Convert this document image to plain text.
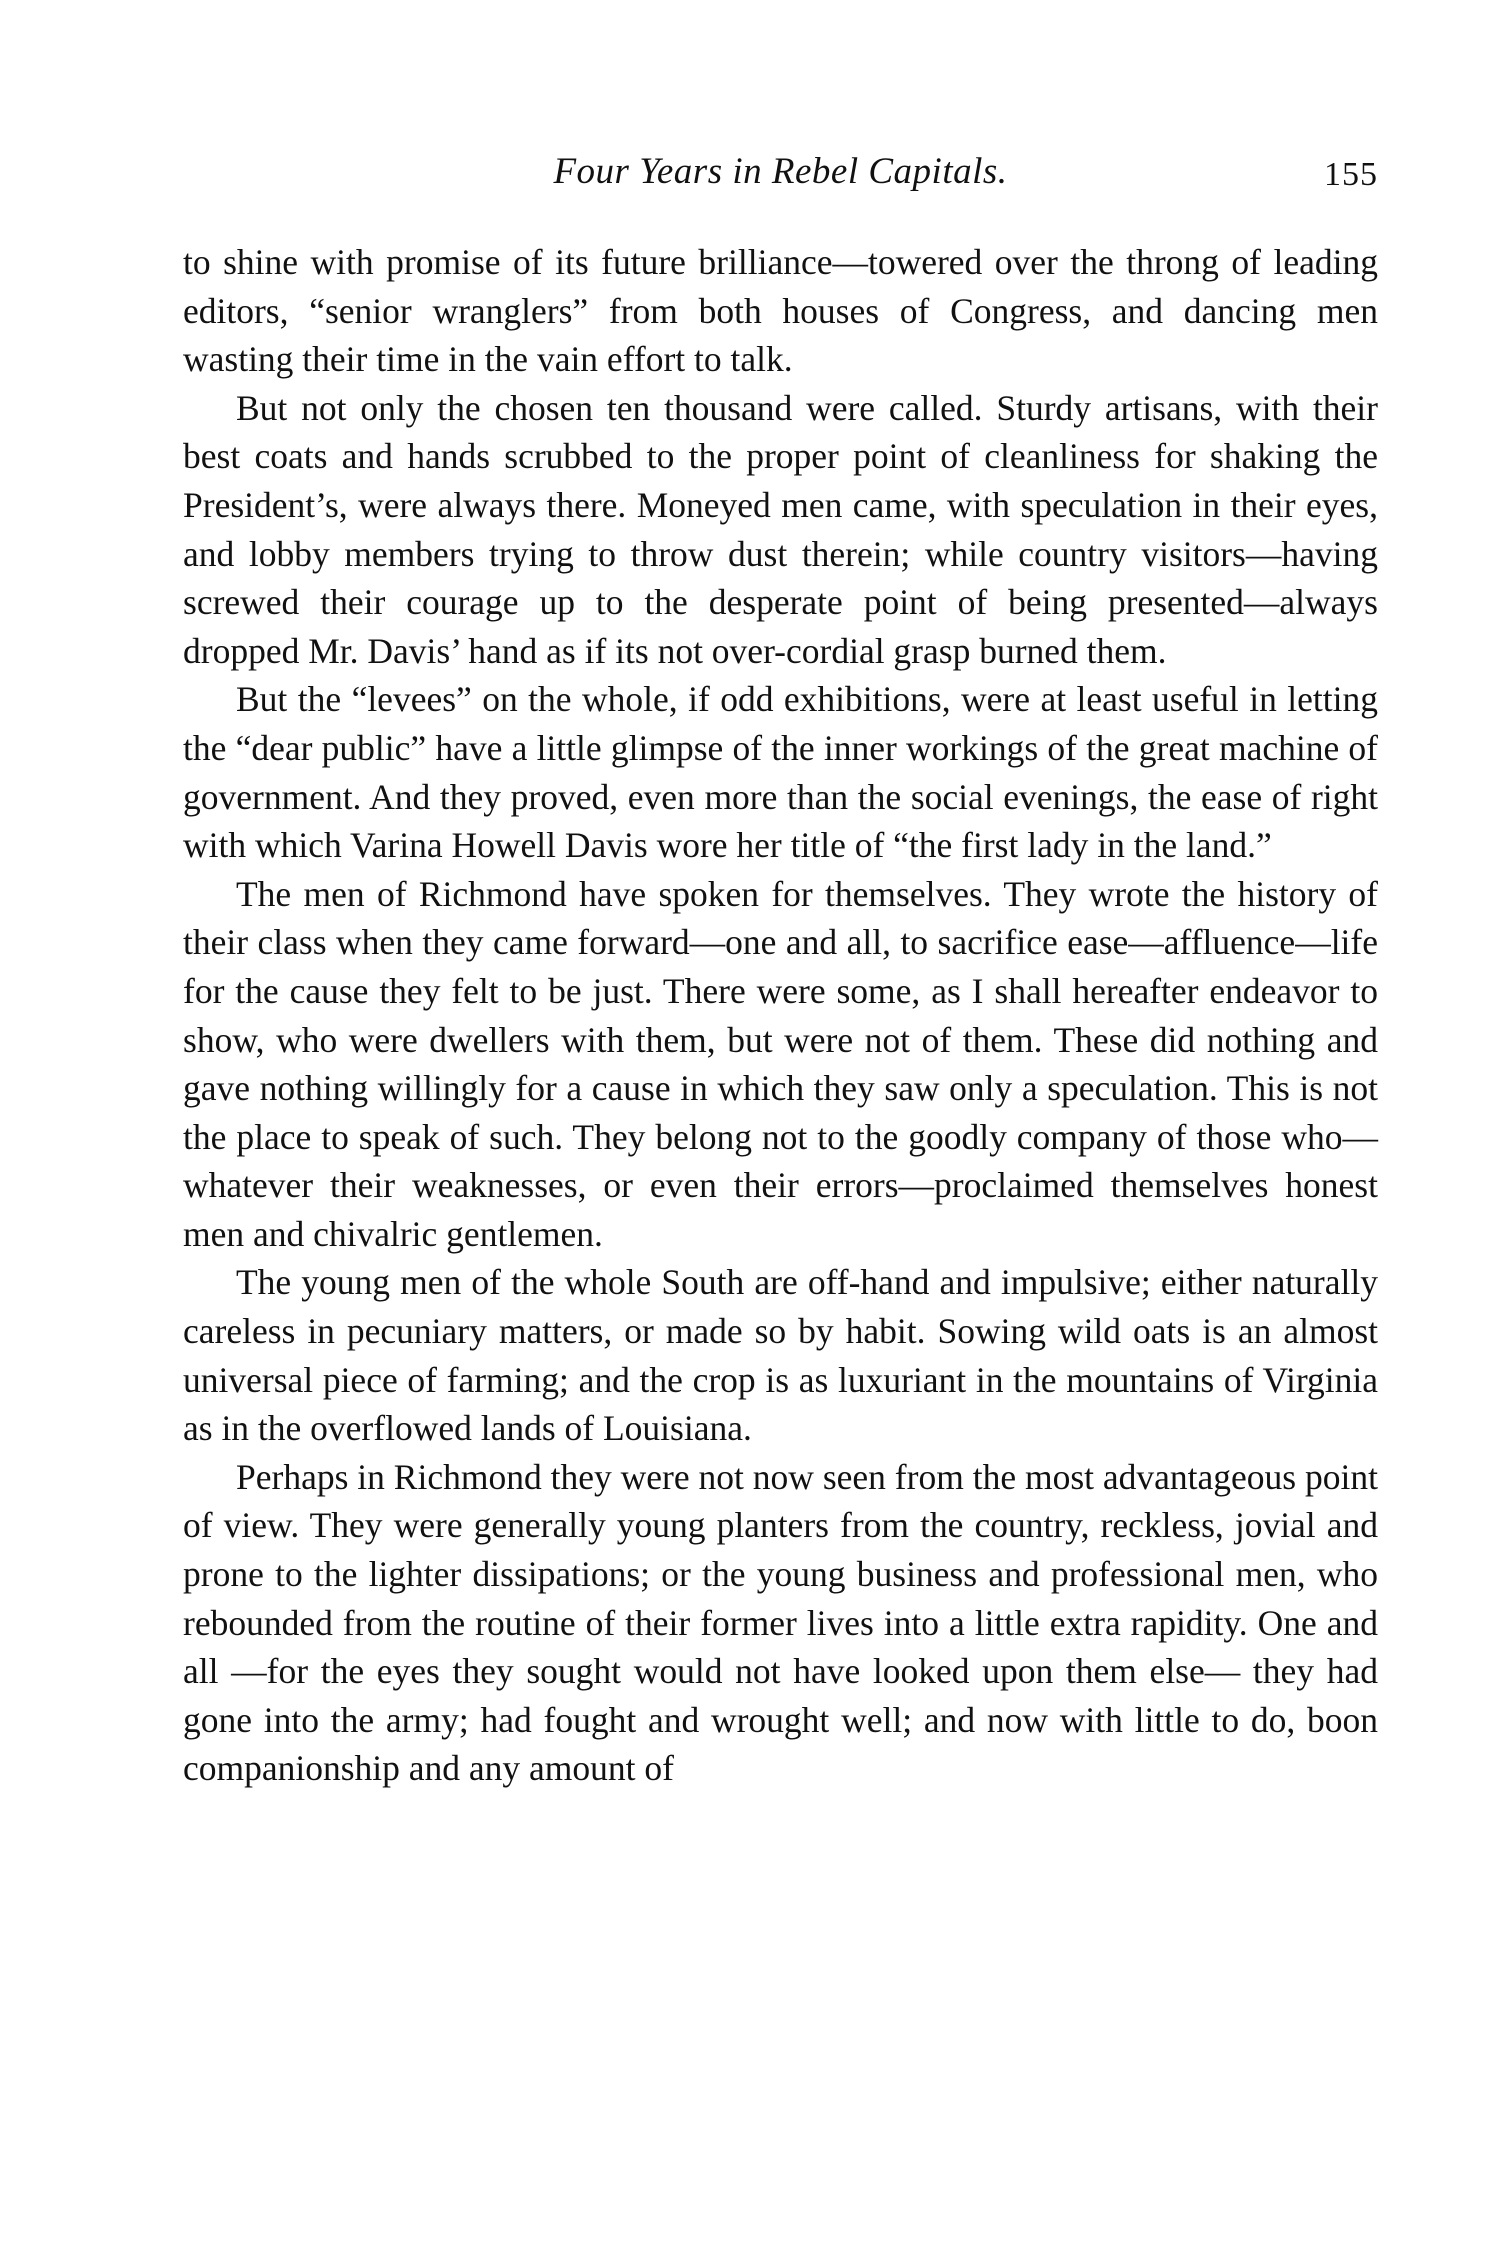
Four Years in Rebel Capitals.	155

to shine with promise of its future brilliance—towered over the throng of leading editors, “senior wranglers” from both houses of Congress, and dancing men wasting their time in the vain effort to talk.

But not only the chosen ten thousand were called. Sturdy artisans, with their best coats and hands scrubbed to the proper point of cleanliness for shaking the President’s, were always there. Moneyed men came, with speculation in their eyes, and lobby members trying to throw dust therein; while country visitors—having screwed their courage up to the desperate point of being presented—always dropped Mr. Davis’ hand as if its not over-cordial grasp burned them.

But the “levees” on the whole, if odd exhibitions, were at least useful in letting the “dear public” have a little glimpse of the inner workings of the great machine of government. And they proved, even more than the social evenings, the ease of right with which Varina Howell Davis wore her title of “the first lady in the land.”

The men of Richmond have spoken for themselves. They wrote the history of their class when they came forward—one and all, to sacrifice ease—affluence—life for the cause they felt to be just. There were some, as I shall hereafter endeavor to show, who were dwellers with them, but were not of them. These did nothing and gave nothing willingly for a cause in which they saw only a speculation. This is not the place to speak of such. They belong not to the goodly company of those who—whatever their weaknesses, or even their errors—proclaimed themselves honest men and chivalric gentlemen.

The young men of the whole South are off-hand and impulsive; either naturally careless in pecuniary matters, or made so by habit. Sowing wild oats is an almost universal piece of farming; and the crop is as luxuriant in the mountains of Virginia as in the overflowed lands of Louisiana.

Perhaps in Richmond they were not now seen from the most advantageous point of view. They were generally young planters from the country, reckless, jovial and prone to the lighter dissipations; or the young business and professional men, who rebounded from the routine of their former lives into a little extra rapidity. One and all —for the eyes they sought would not have looked upon them else— they had gone into the army; had fought and wrought well; and now with little to do, boon companionship and any amount of
